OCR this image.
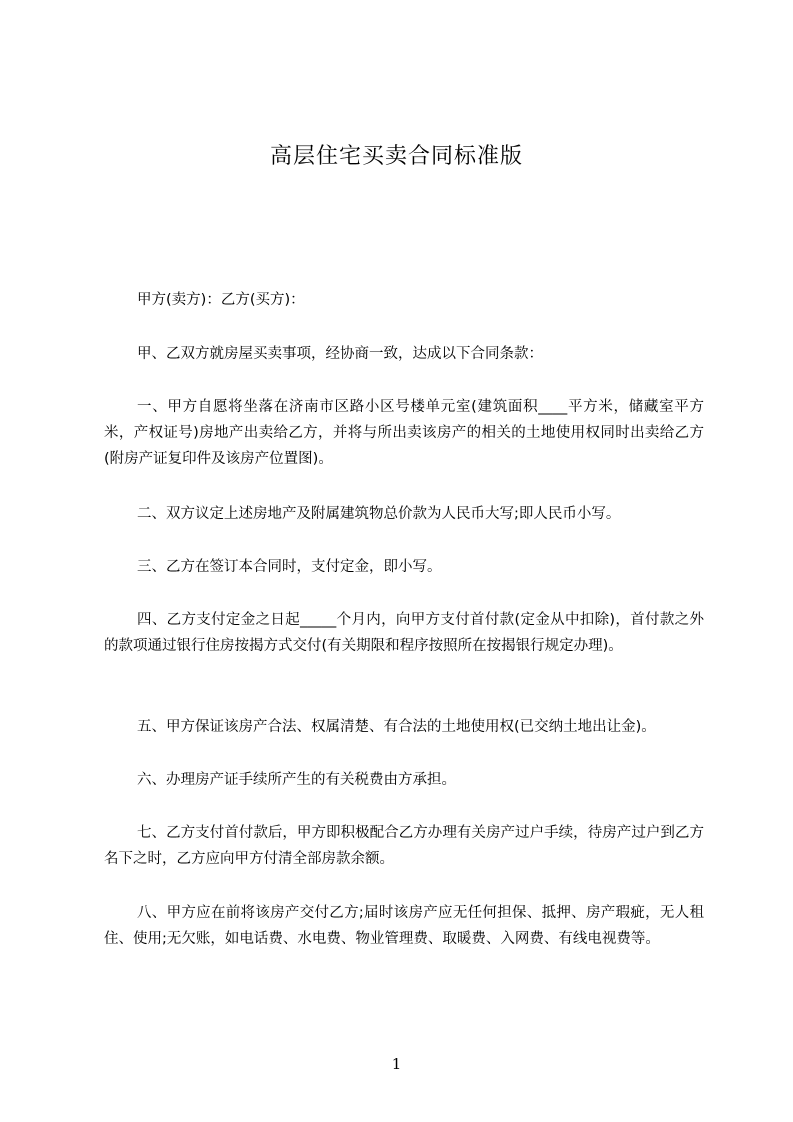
高层住宅买卖合同标准版
甲方(卖方)：乙方(买方)：
甲、乙双方就房屋买卖事项，经协商一致，达成以下合同条款：
一、甲方自愿将坐落在济南市区路小区号楼单元室(建筑面积____平方米，储藏室平方米，产权证号)房地产出卖给乙方，并将与所出卖该房产的相关的土地使用权同时出卖给乙方(附房产证复印件及该房产位置图)。
二、双方议定上述房地产及附属建筑物总价款为人民币大写;即人民币小写。
三、乙方在签订本合同时，支付定金，即小写。
四、乙方支付定金之日起_____个月内，向甲方支付首付款(定金从中扣除)，首付款之外的款项通过银行住房按揭方式交付(有关期限和程序按照所在按揭银行规定办理)。
五、甲方保证该房产合法、权属清楚、有合法的土地使用权(已交纳土地出让金)。
六、办理房产证手续所产生的有关税费由方承担。
七、乙方支付首付款后，甲方即积极配合乙方办理有关房产过户手续，待房产过户到乙方名下之时，乙方应向甲方付清全部房款余额。
八、甲方应在前将该房产交付乙方;届时该房产应无任何担保、抵押、房产瑕疵，无人租住、使用;无欠账，如电话费、水电费、物业管理费、取暖费、入网费、有线电视费等。
1
